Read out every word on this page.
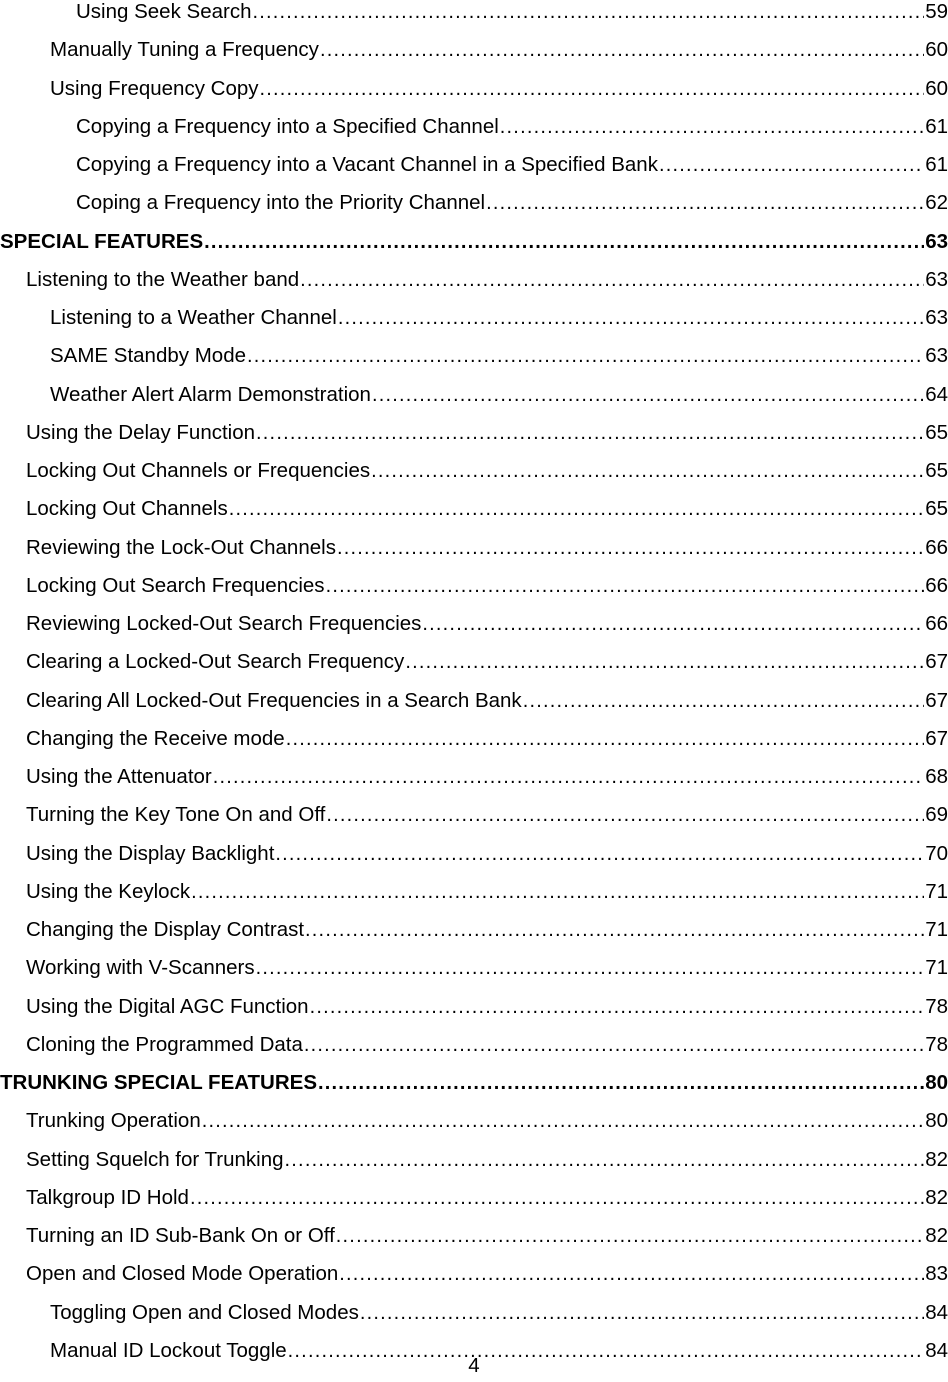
Using Seek Search .....	59
Manually Tuning a Frequency .....	60
Using Frequency Copy .....	60
Copying a Frequency into a Specified Channel .....	61
Copying a Frequency into a Vacant Channel in a Specified Bank .....	61
Coping a Frequency into the Priority Channel .....	62
SPECIAL FEATURES .....	63
Listening to the Weather band .....	63
Listening to a Weather Channel .....	63
SAME Standby Mode .....	63
Weather Alert Alarm Demonstration .....	64
Using the Delay Function .....	65
Locking Out Channels or Frequencies .....	65
Locking Out Channels .....	65
Reviewing the Lock-Out Channels .....	66
Locking Out Search Frequencies .....	66
Reviewing Locked-Out Search Frequencies .....	66
Clearing a Locked-Out Search Frequency .....	67
Clearing All Locked-Out Frequencies in a Search Bank .....	67
Changing the Receive mode .....	67
Using the Attenuator .....	68
Turning the Key Tone On and Off .....	69
Using the Display Backlight .....	70
Using the Keylock .....	71
Changing the Display Contrast .....	71
Working with V-Scanners .....	71
Using the Digital AGC Function .....	78
Cloning the Programmed Data .....	78
TRUNKING SPECIAL FEATURES .....	80
Trunking Operation .....	80
Setting Squelch for Trunking .....	82
Talkgroup ID Hold .....	82
Turning an ID Sub-Bank On or Off .....	82
Open and Closed Mode Operation .....	83
Toggling Open and Closed Modes .....	84
Manual ID Lockout Toggle .....	84
4
